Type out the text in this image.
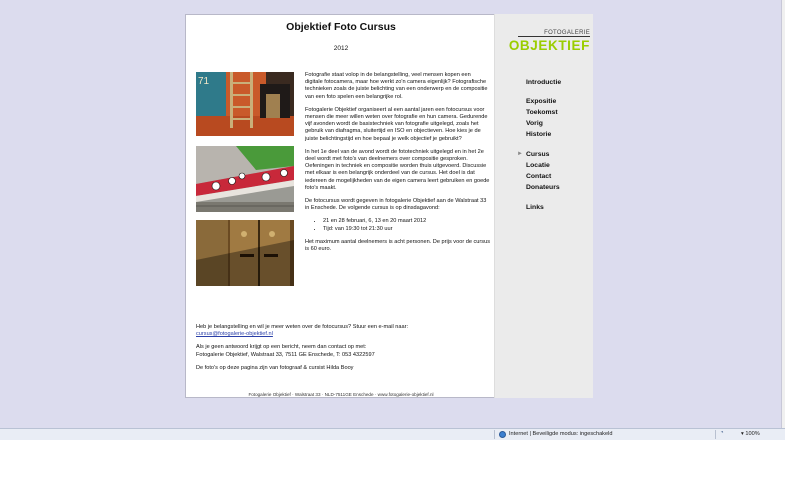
Objektief Foto Cursus
2012
71

Fotografie staat volop in de belangstelling, veel mensen kopen een digitale fotocamera, maar hoe werkt zo'n camera eigenlijk? Fotografische technieken zoals de juiste belichting van een onderwerp en de compositie van een foto spelen een belangrijke rol.

Fotogalerie Objektief organiseert al een aantal jaren een fotocursus voor mensen die meer willen weten over fotografie en hun camera. Gedurende vijf avonden wordt de basistechniek van fotografie uitgelegd, zoals het gebruik van diafragma, sluitertijd en ISO en objectieven. Hoe kies je de juiste belichtingstijd en hoe bepaal je welk objectief je gebruikt?

In het 1e deel van de avond wordt de fototechniek uitgelegd en in het 2e deel wordt met foto's van deelnemers over compositie gesproken. Oefeningen in techniek en compositie worden thuis uitgevoerd. Discussie met elkaar is een belangrijk onderdeel van de cursus. Het doel is dat iedereen de mogelijkheden van de eigen camera leert gebruiken en goede foto's maakt.

De fotocursus wordt gegeven in fotogalerie Objektief aan de Walstraat 33 in Enschede. De volgende cursus is op dinsdagavond:

• 21 en 28 februari, 6, 13 en 20 maart 2012
• Tijd: van 19:30 tot 21:30 uur

Het maximum aantal deelnemers is acht personen. De prijs voor de cursus is 60 euro.

Heb je belangstelling en wil je meer weten over de fotocursus? Stuur een e-mail naar:
cursus@fotogalerie-objektief.nl

Als je geen antwoord krijgt op een bericht, neem dan contact op met:
Fotogalerie Objektief, Walstraat 33, 7511 GE Enschede, T: 053 4322597

De foto's op deze pagina zijn van fotograaf & cursist Hilda Booy

Fotogalerie Objektief · Walstraat 33 · NLD-7511GE Enschede · www.fotogalerie-objektief.nl
FOTOGALERIE
OBJEKTIEF
Introductie
Expositie
Toekomst
Vorig
Historie
► Cursus
Locatie
Contact
Donateurs
Links
Internet | Beveiligde modus: ingeschakeld	◔	▾ 100%
